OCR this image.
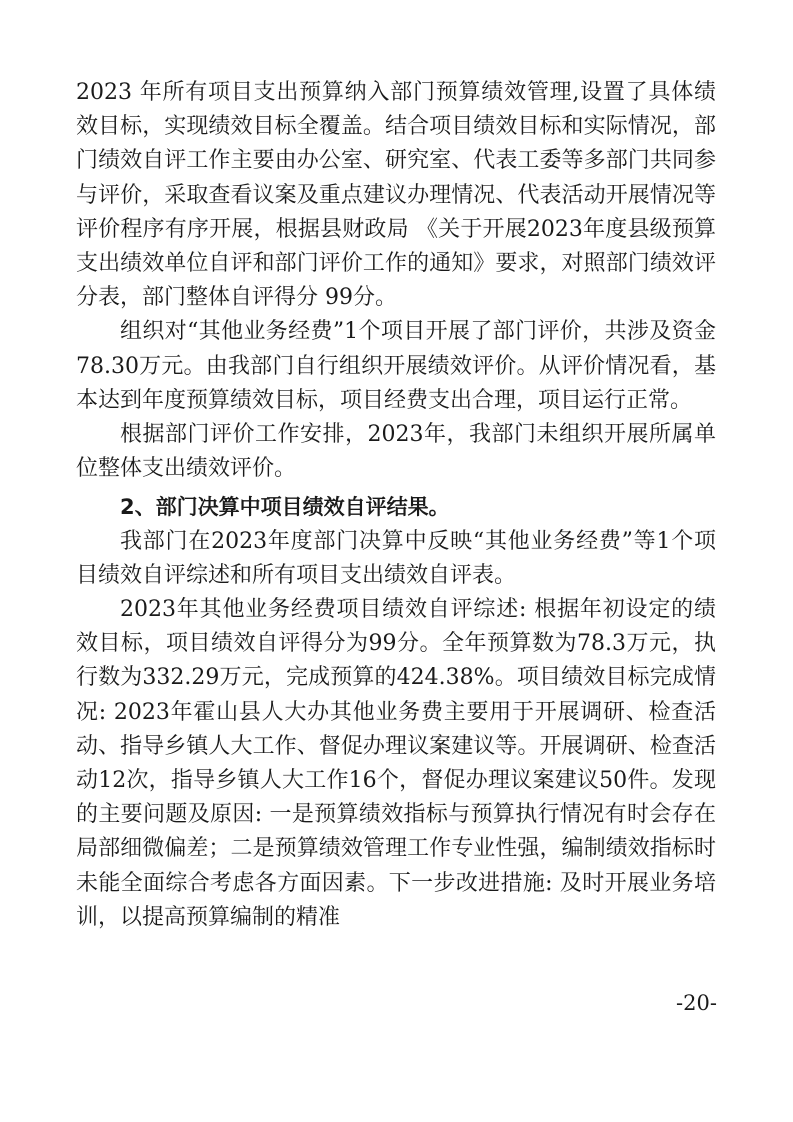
2023 年所有项目支出预算纳入部门预算绩效管理,设置了具体绩效目标，实现绩效目标全覆盖。结合项目绩效目标和实际情况，部门绩效自评工作主要由办公室、研究室、代表工委等多部门共同参与评价，采取查看议案及重点建议办理情况、代表活动开展情况等评价程序有序开展，根据县财政局 《关于开展2023年度县级预算支出绩效单位自评和部门评价工作的通知》要求，对照部门绩效评分表，部门整体自评得分 99分。

组织对“其他业务经费”1个项目开展了部门评价，共涉及资金78.30万元。由我部门自行组织开展绩效评价。从评价情况看，基本达到年度预算绩效目标，项目经费支出合理，项目运行正常。

根据部门评价工作安排，2023年，我部门未组织开展所属单位整体支出绩效评价。

2、部门决算中项目绩效自评结果。

我部门在2023年度部门决算中反映“其他业务经费”等1个项目绩效自评综述和所有项目支出绩效自评表。

2023年其他业务经费项目绩效自评综述: 根据年初设定的绩效目标，项目绩效自评得分为99分。全年预算数为78.3万元，执行数为332.29万元，完成预算的424.38%。项目绩效目标完成情况: 2023年霍山县人大办其他业务费主要用于开展调研、检查活动、指导乡镇人大工作、督促办理议案建议等。开展调研、检查活动12次，指导乡镇人大工作16个，督促办理议案建议50件。发现的主要问题及原因: 一是预算绩效指标与预算执行情况有时会存在局部细微偏差；二是预算绩效管理工作专业性强，编制绩效指标时未能全面综合考虑各方面因素。下一步改进措施: 及时开展业务培训，以提高预算编制的精准

-20-
